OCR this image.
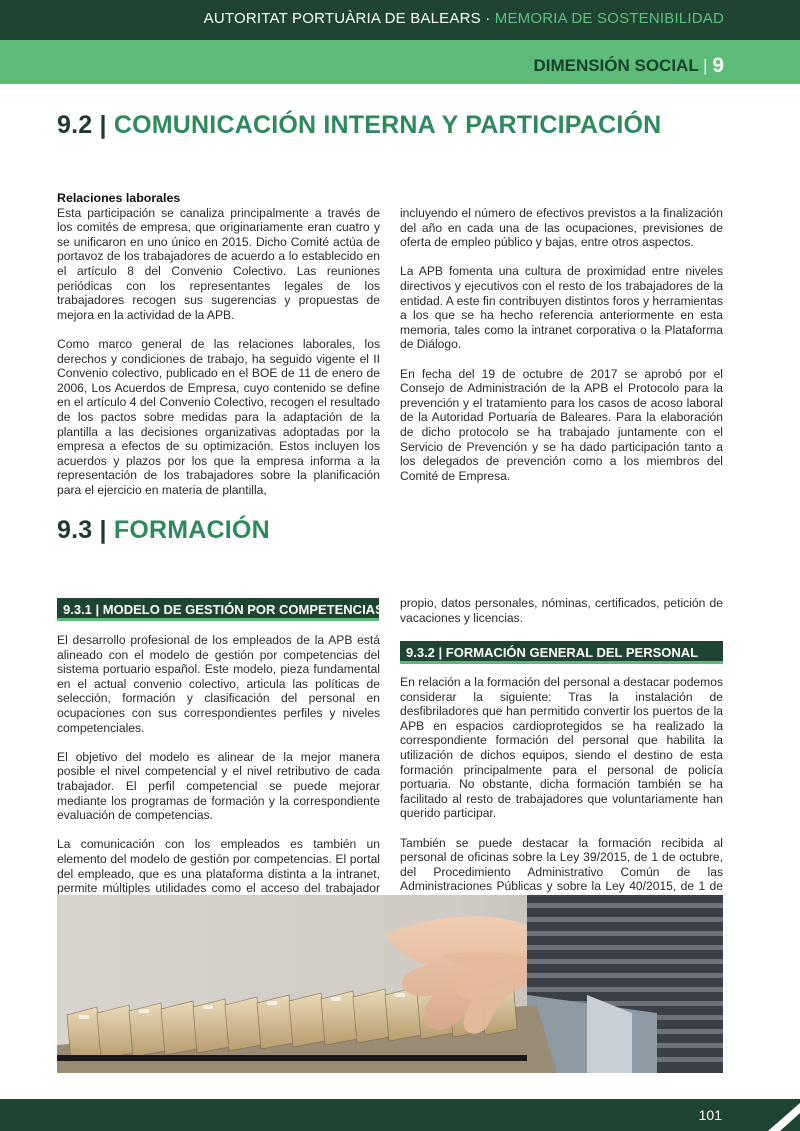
AUTORITAT PORTUÀRIA DE BALEARS · MEMORIA DE SOSTENIBILIDAD
DIMENSIÓN SOCIAL | 9
9.2 | COMUNICACIÓN INTERNA Y PARTICIPACIÓN
Relaciones laborales

Esta participación se canaliza principalmente a través de los comités de empresa, que originariamente eran cuatro y se unificaron en uno único en 2015. Dicho Comité actúa de portavoz de los trabajadores de acuerdo a lo establecido en el artículo 8 del Convenio Colectivo. Las reuniones periódicas con los representantes legales de los trabajadores recogen sus sugerencias y propuestas de mejora en la actividad de la APB.

Como marco general de las relaciones laborales, los derechos y condiciones de trabajo, ha seguido vigente el II Convenio colectivo, publicado en el BOE de 11 de enero de 2006, Los Acuerdos de Empresa, cuyo contenido se define en el artículo 4 del Convenio Colectivo, recogen el resultado de los pactos sobre medidas para la adaptación de la plantilla a las decisiones organizativas adoptadas por la empresa a efectos de su optimización. Estos incluyen los acuerdos y plazos por los que la empresa informa a la representación de los trabajadores sobre la planificación para el ejercicio en materia de plantilla,

incluyendo el número de efectivos previstos a la finalización del año en cada una de las ocupaciones, previsiones de oferta de empleo público y bajas, entre otros aspectos.

La APB fomenta una cultura de proximidad entre niveles directivos y ejecutivos con el resto de los trabajadores de la entidad. A este fin contribuyen distintos foros y herramientas a los que se ha hecho referencia anteriormente en esta memoria, tales como la intranet corporativa o la Plataforma de Diálogo.

En fecha del 19 de octubre de 2017 se aprobó por el Consejo de Administración de la APB el Protocolo para la prevención y el tratamiento para los casos de acoso laboral de la Autoridad Portuaria de Baleares. Para la elaboración de dicho protocolo se ha trabajado juntamente con el Servicio de Prevención y se ha dado participación tanto a los delegados de prevención como a los miembros del Comité de Empresa.

9.3 | FORMACIÓN
9.3.1 | MODELO DE GESTIÓN POR COMPETENCIAS

El desarrollo profesional de los empleados de la APB está alineado con el modelo de gestión por competencias del sistema portuario español. Este modelo, pieza fundamental en el actual convenio colectivo, articula las políticas de selección, formación y clasificación del personal en ocupaciones con sus correspondientes perfiles y niveles competenciales.

El objetivo del modelo es alinear de la mejor manera posible el nivel competencial y el nivel retributivo de cada trabajador. El perfil competencial se puede mejorar mediante los programas de formación y la correspondiente evaluación de competencias.

La comunicación con los empleados es también un elemento del modelo de gestión por competencias. El portal del empleado, que es una plataforma distinta a la intranet, permite múltiples utilidades como el acceso del trabajador

propio, datos personales, nóminas, certificados, petición de vacaciones y licencias.

9.3.2 | FORMACIÓN GENERAL DEL PERSONAL

En relación a la formación del personal a destacar podemos considerar la siguiente: Tras la instalación de desfibriladores que han permitido convertir los puertos de la APB en espacios cardioprotegidos se ha realizado la correspondiente formación del personal que habilita la utilización de dichos equipos, siendo el destino de esta formación principalmente para el personal de policía portuaria. No obstante, dicha formación también se ha facilitado al resto de trabajadores que voluntariamente han querido participar.

También se puede destacar la formación recibida al personal de oficinas sobre la Ley 39/2015, de 1 de octubre, del Procedimiento Administrativo Común de las Administraciones Públicas y sobre la Ley 40/2015, de 1 de

101
